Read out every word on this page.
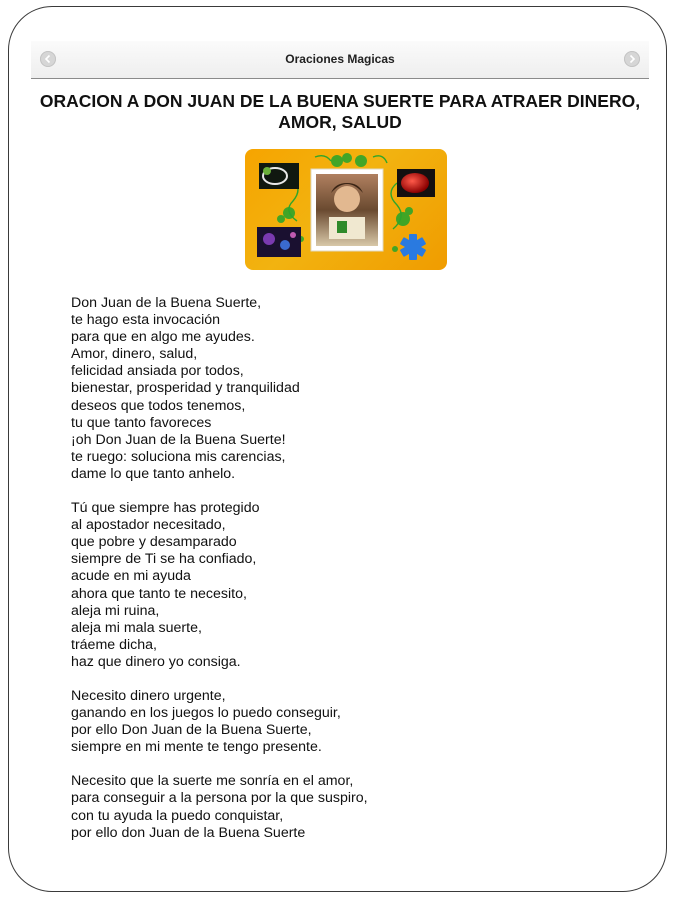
Oraciones Magicas
ORACION A DON JUAN DE LA BUENA SUERTE PARA ATRAER DINERO, AMOR, SALUD
Don Juan de la Buena Suerte,
te hago esta invocación
para que en algo me ayudes.
Amor, dinero, salud,
felicidad ansiada por todos,
bienestar, prosperidad y tranquilidad
deseos que todos tenemos,
tu que tanto favoreces
¡oh Don Juan de la Buena Suerte!
te ruego: soluciona mis carencias,
dame lo que tanto anhelo.
Tú que siempre has protegido
al apostador necesitado,
que pobre y desamparado
siempre de Ti se ha confiado,
acude en mi ayuda
ahora que tanto te necesito,
aleja mi ruina,
aleja mi mala suerte,
tráeme dicha,
haz que dinero yo consiga.
Necesito dinero urgente,
ganando en los juegos lo puedo conseguir,
por ello Don Juan de la Buena Suerte,
siempre en mi mente te tengo presente.
Necesito que la suerte me sonría en el amor,
para conseguir a la persona por la que suspiro,
con tu ayuda la puedo conquistar,
por ello don Juan de la Buena Suerte
